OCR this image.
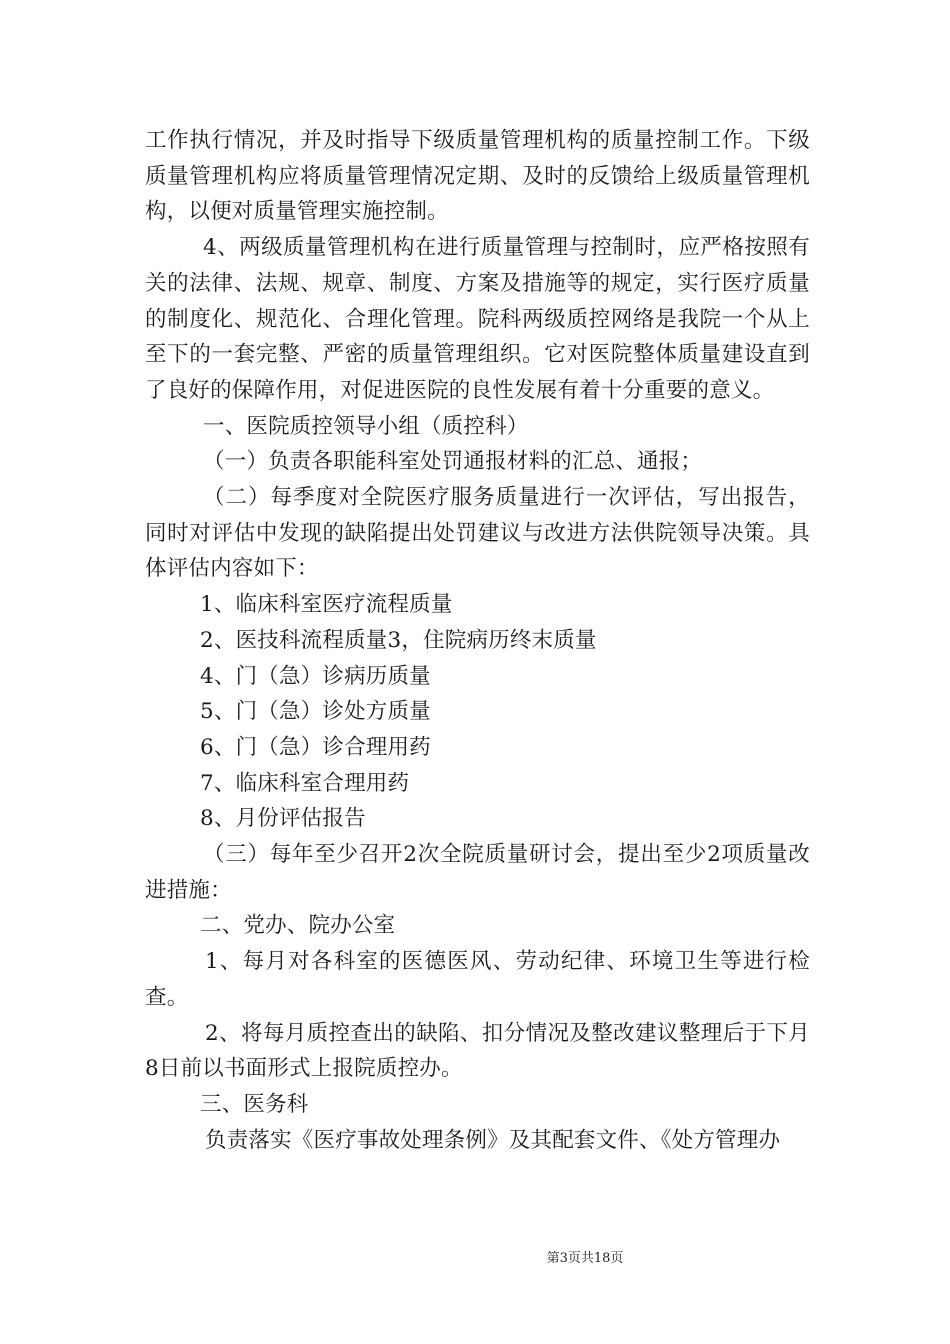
工作执行情况，并及时指导下级质量管理机构的质量控制工作。下级质量管理机构应将质量管理情况定期、及时的反馈给上级质量管理机构，以便对质量管理实施控制。

4、两级质量管理机构在进行质量管理与控制时，应严格按照有关的法律、法规、规章、制度、方案及措施等的规定，实行医疗质量的制度化、规范化、合理化管理。院科两级质控网络是我院一个从上至下的一套完整、严密的质量管理组织。它对医院整体质量建设直到了良好的保障作用，对促进医院的良性发展有着十分重要的意义。

一、医院质控领导小组（质控科）

（一）负责各职能科室处罚通报材料的汇总、通报；

（二）每季度对全院医疗服务质量进行一次评估，写出报告，同时对评估中发现的缺陷提出处罚建议与改进方法供院领导决策。具体评估内容如下：

1、临床科室医疗流程质量

2、医技科流程质量3，住院病历终末质量

4、门（急）诊病历质量

5、门（急）诊处方质量

6、门（急）诊合理用药

7、临床科室合理用药

8、月份评估报告

（三）每年至少召开2次全院质量研讨会，提出至少2项质量改进措施：

二、党办、院办公室

1、每月对各科室的医德医风、劳动纪律、环境卫生等进行检查。

2、将每月质控查出的缺陷、扣分情况及整改建议整理后于下月8日前以书面形式上报院质控办。

三、医务科

负责落实《医疗事故处理条例》及其配套文件、《处方管理办

第3页共18页
